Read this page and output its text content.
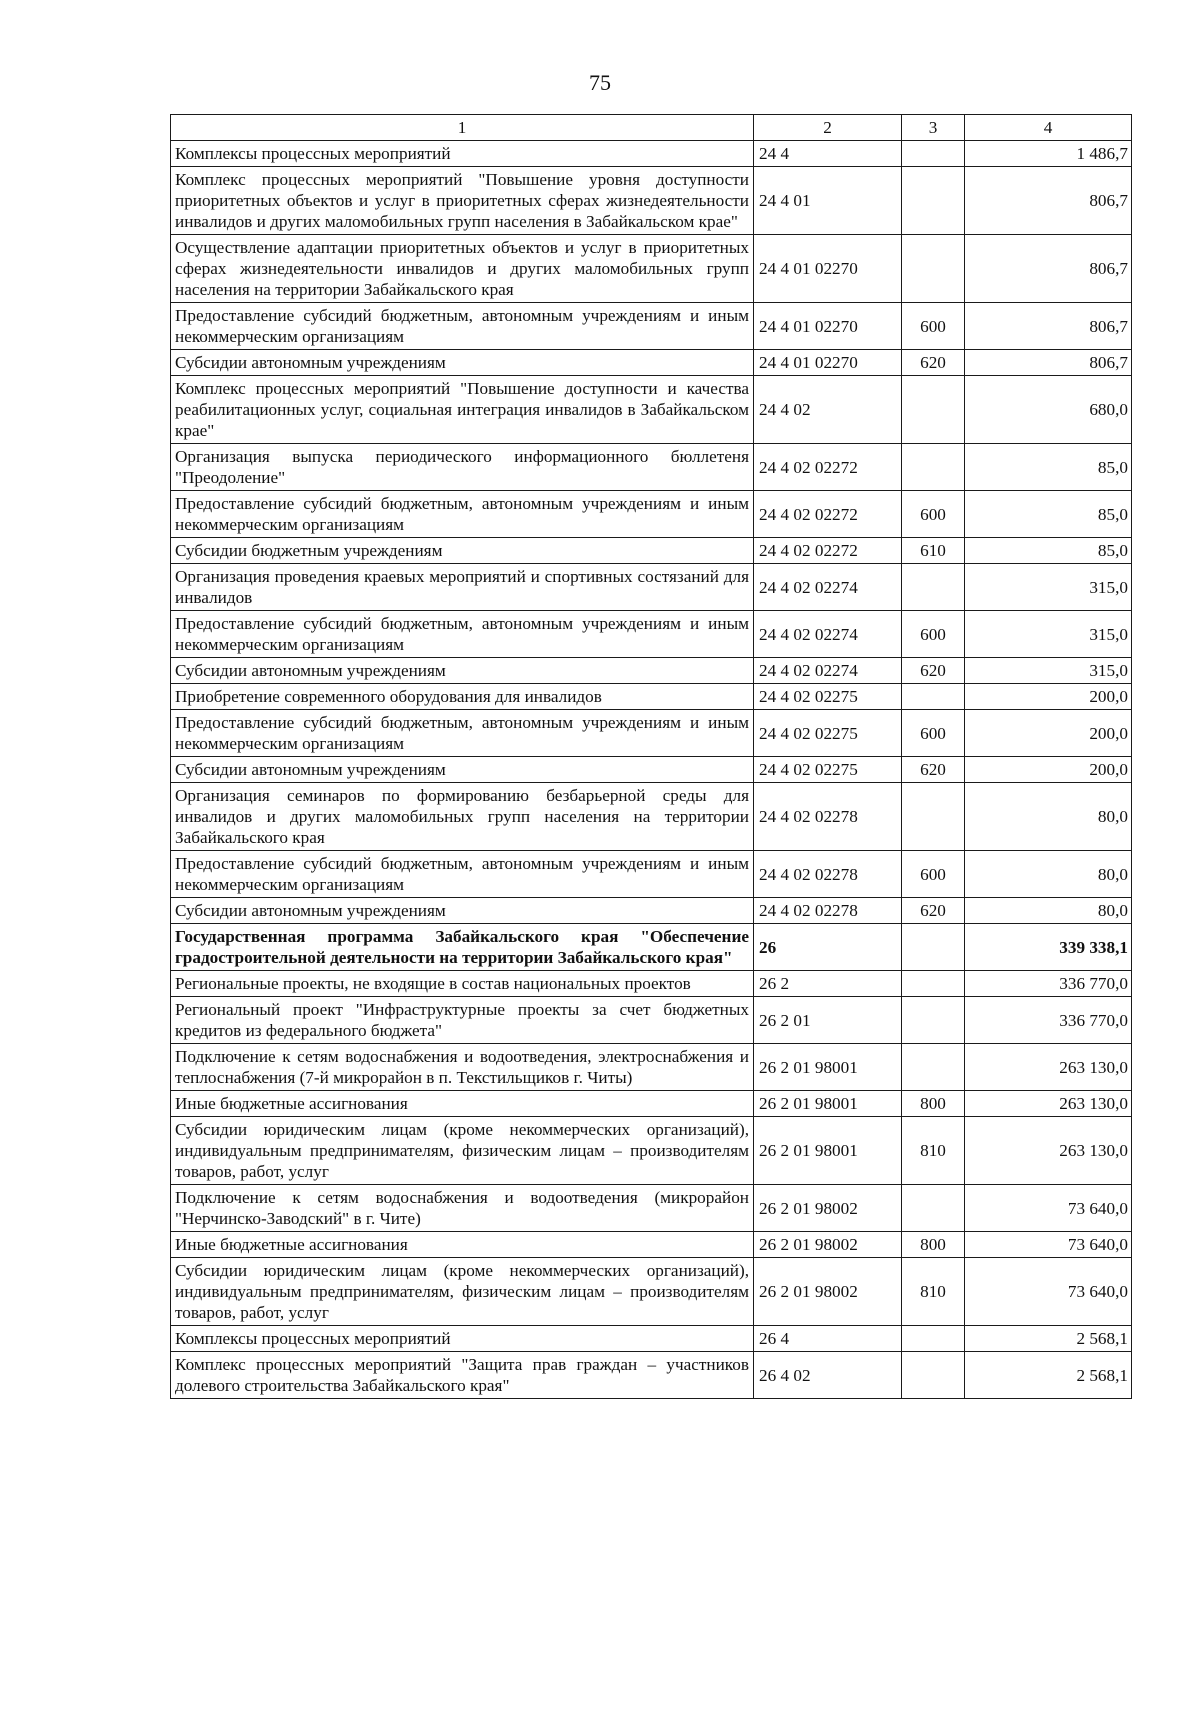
75
1	2	3	4
Комплексы процессных мероприятий	24 4		1 486,7
Комплекс процессных мероприятий "Повышение уровня доступности приоритетных объектов и услуг в приоритетных сферах жизнедеятельности инвалидов и других маломобильных групп населения в Забайкальском крае"	24 4 01		806,7
Осуществление адаптации приоритетных объектов и услуг в приоритетных сферах жизнедеятельности инвалидов и других маломобильных групп населения на территории Забайкальского края	24 4 01 02270		806,7
Предоставление субсидий бюджетным, автономным учреждениям и иным некоммерческим организациям	24 4 01 02270	600	806,7
Субсидии автономным учреждениям	24 4 01 02270	620	806,7
Комплекс процессных мероприятий "Повышение доступности и качества реабилитационных услуг, социальная интеграция инвалидов в Забайкальском крае"	24 4 02		680,0
Организация выпуска периодического информационного бюллетеня "Преодоление"	24 4 02 02272		85,0
Предоставление субсидий бюджетным, автономным учреждениям и иным некоммерческим организациям	24 4 02 02272	600	85,0
Субсидии бюджетным учреждениям	24 4 02 02272	610	85,0
Организация проведения краевых мероприятий и спортивных состязаний для инвалидов	24 4 02 02274		315,0
Предоставление субсидий бюджетным, автономным учреждениям и иным некоммерческим организациям	24 4 02 02274	600	315,0
Субсидии автономным учреждениям	24 4 02 02274	620	315,0
Приобретение современного оборудования для инвалидов	24 4 02 02275		200,0
Предоставление субсидий бюджетным, автономным учреждениям и иным некоммерческим организациям	24 4 02 02275	600	200,0
Субсидии автономным учреждениям	24 4 02 02275	620	200,0
Организация семинаров по формированию безбарьерной среды для инвалидов и других маломобильных групп населения на территории Забайкальского края	24 4 02 02278		80,0
Предоставление субсидий бюджетным, автономным учреждениям и иным некоммерческим организациям	24 4 02 02278	600	80,0
Субсидии автономным учреждениям	24 4 02 02278	620	80,0
Государственная программа Забайкальского края "Обеспечение градостроительной деятельности на территории Забайкальского края"	26		339 338,1
Региональные проекты, не входящие в состав национальных проектов	26 2		336 770,0
Региональный проект "Инфраструктурные проекты за счет бюджетных кредитов из федерального бюджета"	26 2 01		336 770,0
Подключение к сетям водоснабжения и водоотведения, электроснабжения и теплоснабжения (7-й микрорайон в п. Текстильщиков г. Читы)	26 2 01 98001		263 130,0
Иные бюджетные ассигнования	26 2 01 98001	800	263 130,0
Субсидии юридическим лицам (кроме некоммерческих организаций), индивидуальным предпринимателям, физическим лицам – производителям товаров, работ, услуг	26 2 01 98001	810	263 130,0
Подключение к сетям водоснабжения и водоотведения (микрорайон "Нерчинско-Заводский" в г. Чите)	26 2 01 98002		73 640,0
Иные бюджетные ассигнования	26 2 01 98002	800	73 640,0
Субсидии юридическим лицам (кроме некоммерческих организаций), индивидуальным предпринимателям, физическим лицам – производителям товаров, работ, услуг	26 2 01 98002	810	73 640,0
Комплексы процессных мероприятий	26 4		2 568,1
Комплекс процессных мероприятий "Защита прав граждан – участников долевого строительства Забайкальского края"	26 4 02		2 568,1
